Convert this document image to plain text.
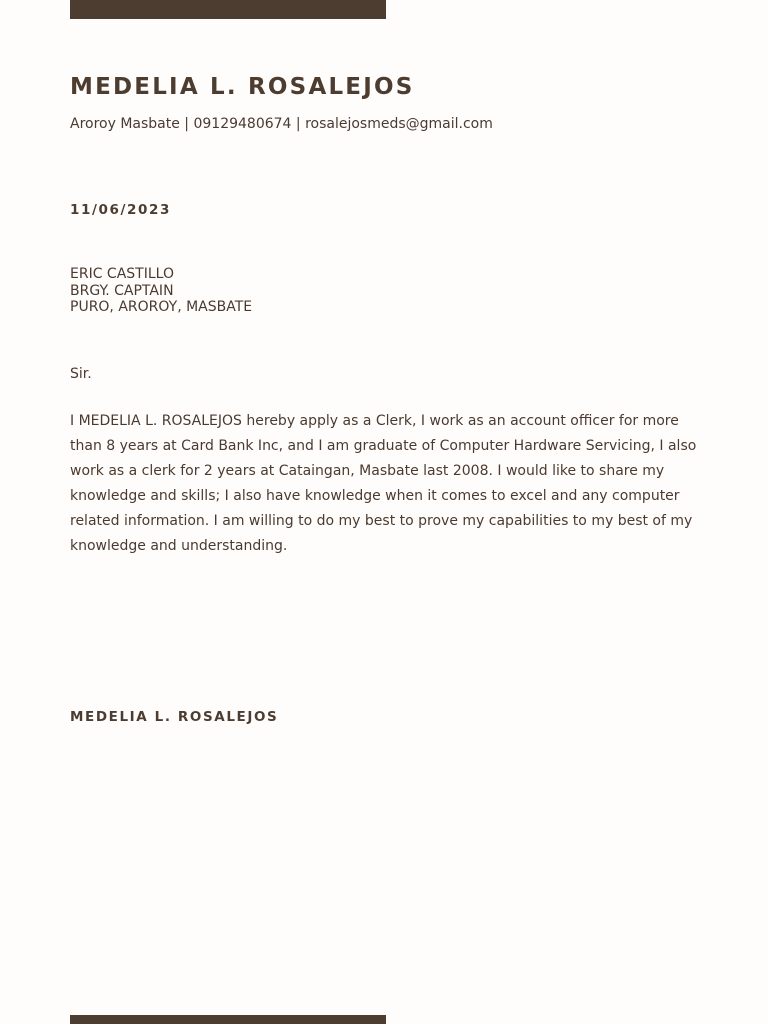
MEDELIA L. ROSALEJOS
Aroroy Masbate | 09129480674 | rosalejosmeds@gmail.com
11/06/2023
ERIC CASTILLO
BRGY. CAPTAIN
PURO, AROROY, MASBATE
Sir.

I MEDELIA L. ROSALEJOS hereby apply as a Clerk, I work as an account officer for more than 8 years at Card Bank Inc, and I am graduate of Computer Hardware Servicing, I also work as a clerk for 2 years at Cataingan, Masbate last 2008. I would like to share my knowledge and skills; I also have knowledge when it comes to excel and any computer related information. I am willing to do my best to prove my capabilities to my best of my knowledge and understanding.

MEDELIA L. ROSALEJOS
